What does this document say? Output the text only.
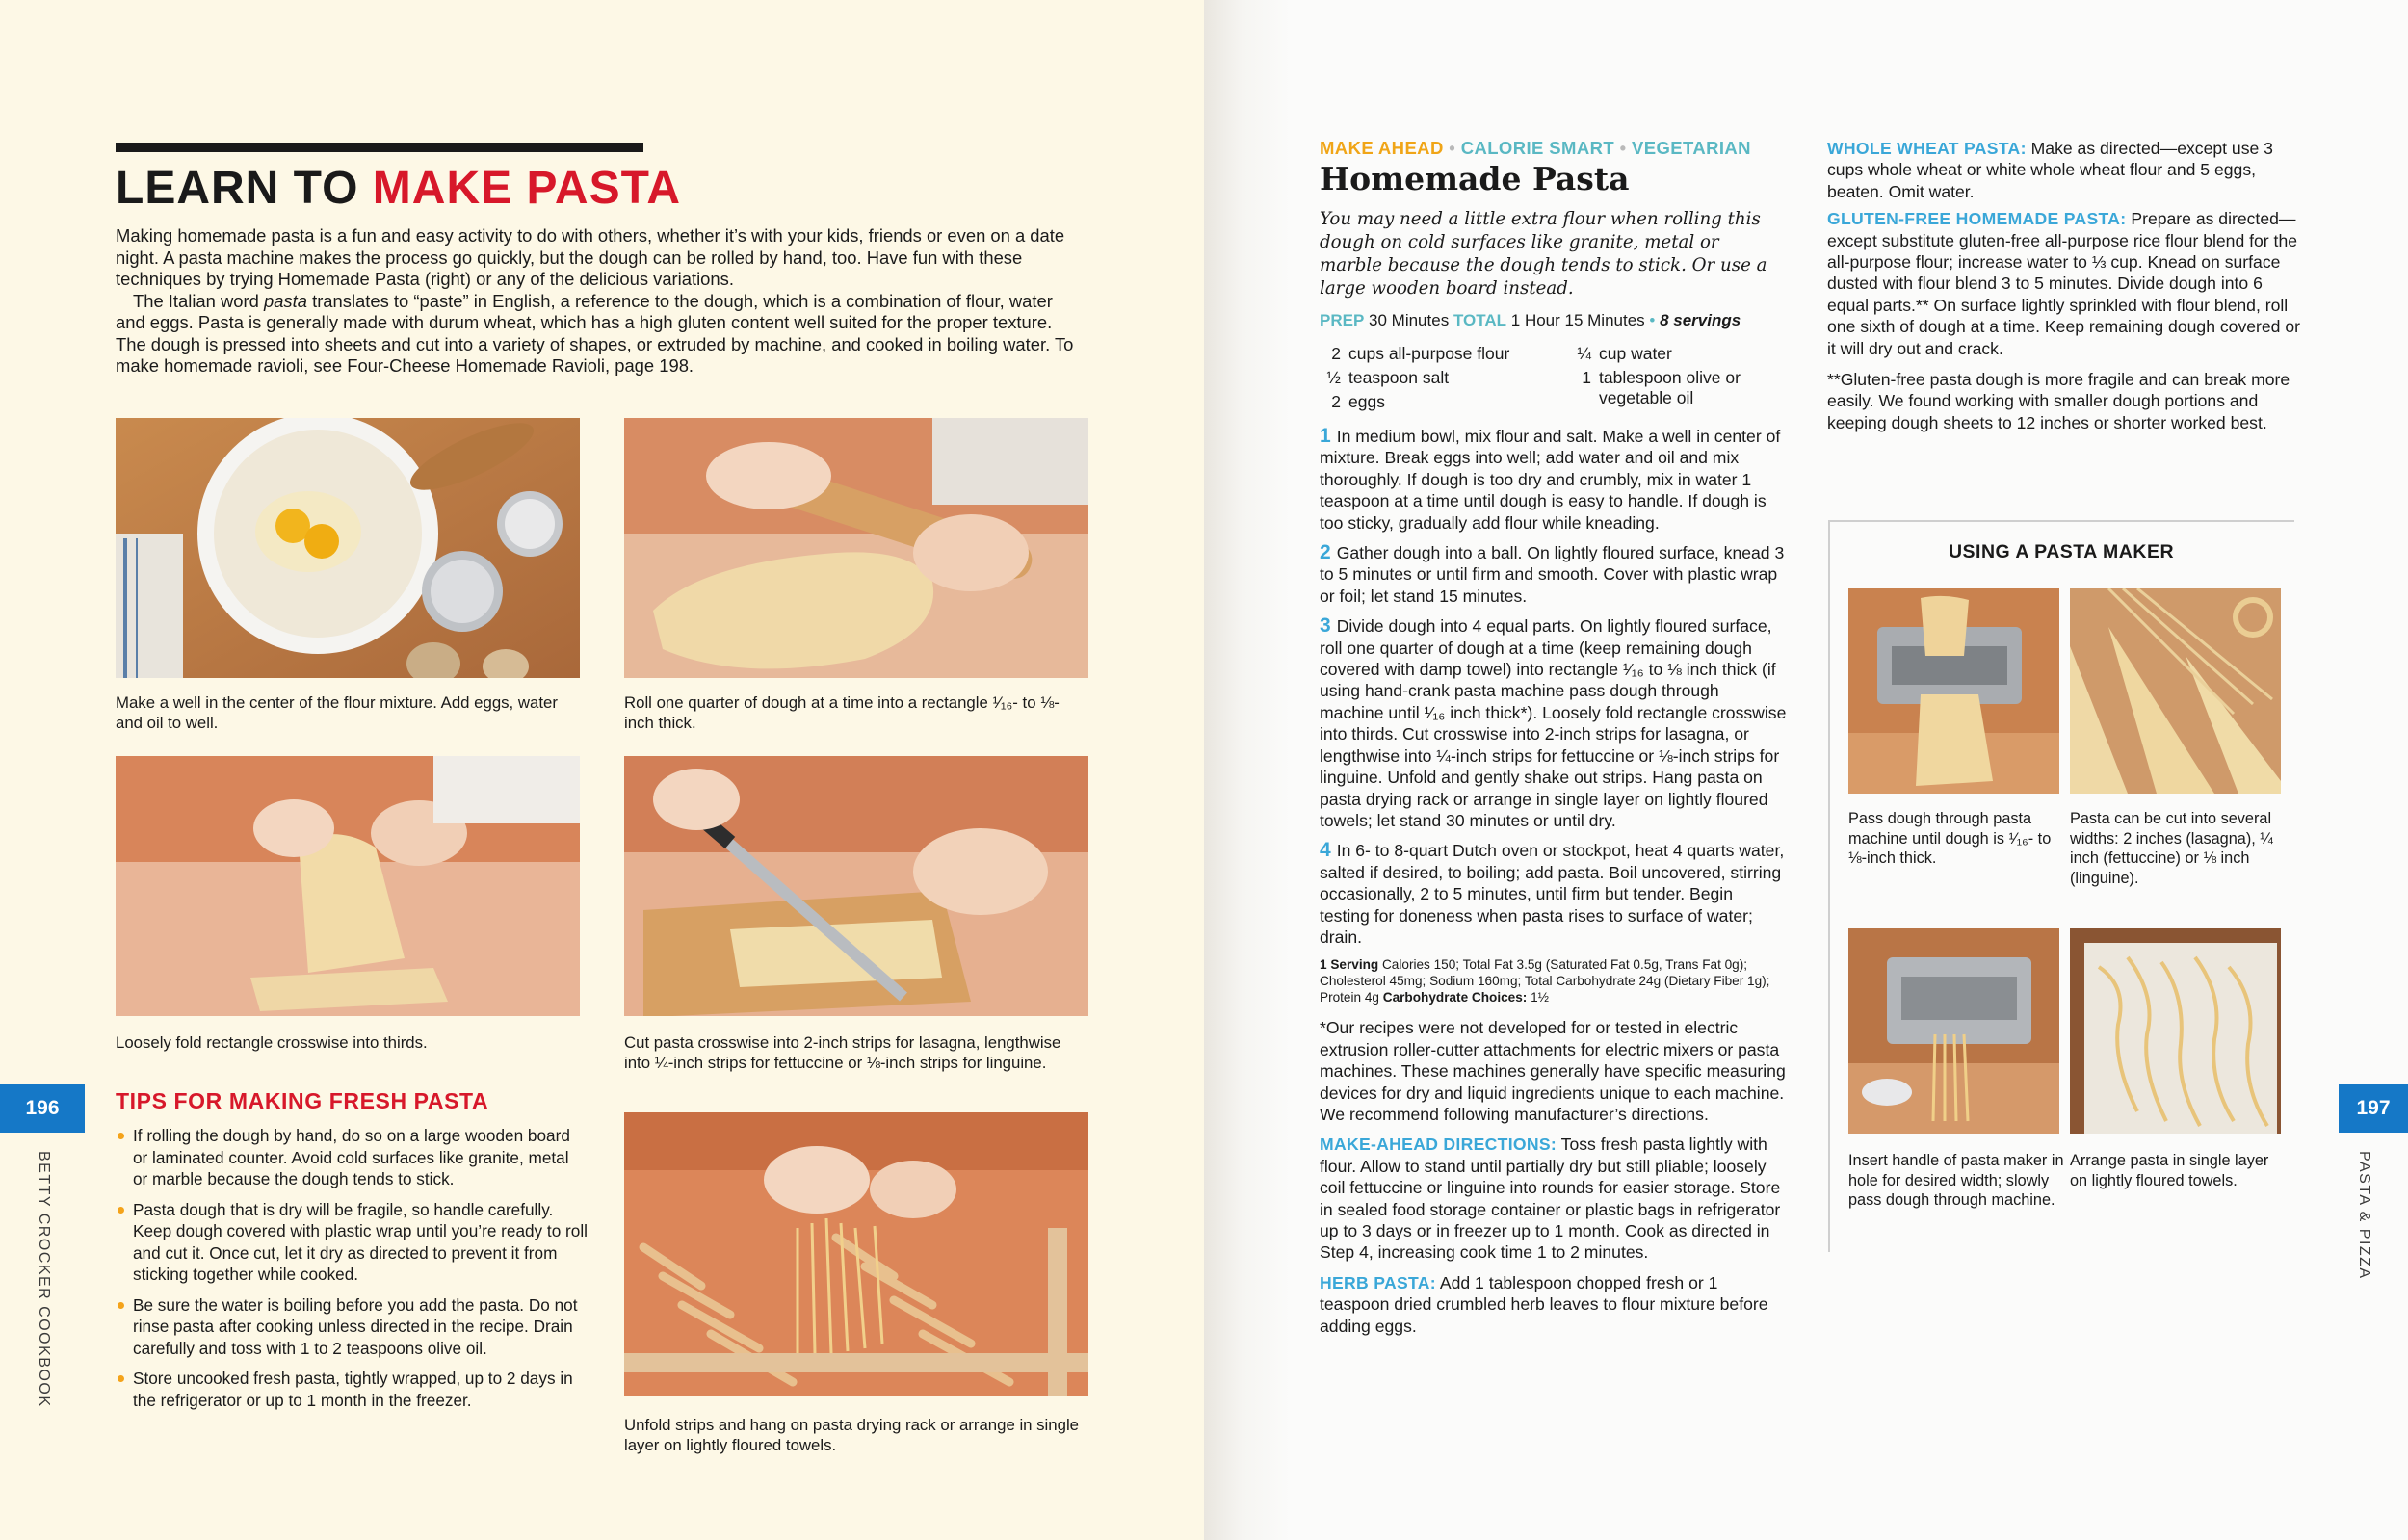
LEARN TO MAKE PASTA

Making homemade pasta is a fun and easy activity to do with others, whether it’s with your kids, friends or even on a date night. A pasta machine makes the process go quickly, but the dough can be rolled by hand, too. Have fun with these techniques by trying Homemade Pasta (right) or any of the delicious variations.

The Italian word pasta translates to “paste” in English, a reference to the dough, which is a combination of flour, water and eggs. Pasta is generally made with durum wheat, which has a high gluten content well suited for the proper texture. The dough is pressed into sheets and cut into a variety of shapes, or extruded by machine, and cooked in boiling water. To make homemade ravioli, see Four-Cheese Homemade Ravioli, page 198.

Make a well in the center of the flour mixture. Add eggs, water and oil to well.
Roll one quarter of dough at a time into a rectangle ¹⁄₁₆- to ⅛-inch thick.
Loosely fold rectangle crosswise into thirds.	Cut pasta crosswise into 2-inch strips for lasagna, lengthwise into ¼-inch strips for fettuccine or ⅛-inch strips for linguine.
Unfold strips and hang on pasta drying rack or arrange in single layer on lightly floured towels.
TIPS FOR MAKING FRESH PASTA
If rolling the dough by hand, do so on a large wooden board or laminated counter. Avoid cold surfaces like granite, metal or marble because the dough tends to stick.
Pasta dough that is dry will be fragile, so handle carefully. Keep dough covered with plastic wrap until you’re ready to roll and cut it. Once cut, let it dry as directed to prevent it from sticking together while cooked.
Be sure the water is boiling before you add the pasta. Do not rinse pasta after cooking unless directed in the recipe. Drain carefully and toss with 1 to 2 teaspoons olive oil.
Store uncooked fresh pasta, tightly wrapped, up to 2 days in the refrigerator or up to 1 month in the freezer.
196
BETTY CROCKER COOKBOOK
MAKE AHEAD • CALORIE SMART • VEGETARIAN
Homemade Pasta
You may need a little extra flour when rolling this dough on cold surfaces like granite, metal or marble because the dough tends to stick. Or use a large wooden board instead.
PREP 30 Minutes TOTAL 1 Hour 15 Minutes • 8 servings
2 cups all-purpose flour
½ teaspoon salt
2 eggs
¼ cup water
1 tablespoon olive or vegetable oil

1 In medium bowl, mix flour and salt. Make a well in center of mixture. Break eggs into well; add water and oil and mix thoroughly. If dough is too dry and crumbly, mix in water 1 teaspoon at a time until dough is easy to handle. If dough is too sticky, gradually add flour while kneading.

2 Gather dough into a ball. On lightly floured surface, knead 3 to 5 minutes or until firm and smooth. Cover with plastic wrap or foil; let stand 15 minutes.

3 Divide dough into 4 equal parts. On lightly floured surface, roll one quarter of dough at a time (keep remaining dough covered with damp towel) into rectangle ¹⁄₁₆ to ⅛ inch thick (if using hand-crank pasta machine pass dough through machine until ¹⁄₁₆ inch thick*). Loosely fold rectangle crosswise into thirds. Cut crosswise into 2-inch strips for lasagna, or lengthwise into ¼-inch strips for fettuccine or ⅛-inch strips for linguine. Unfold and gently shake out strips. Hang pasta on pasta drying rack or arrange in single layer on lightly floured towels; let stand 30 minutes or until dry.

4 In 6- to 8-quart Dutch oven or stockpot, heat 4 quarts water, salted if desired, to boiling; add pasta. Boil uncovered, stirring occasionally, 2 to 5 minutes, until firm but tender. Begin testing for doneness when pasta rises to surface of water; drain.

1 Serving Calories 150; Total Fat 3.5g (Saturated Fat 0.5g, Trans Fat 0g); Cholesterol 45mg; Sodium 160mg; Total Carbohydrate 24g (Dietary Fiber 1g); Protein 4g Carbohydrate Choices: 1½

*Our recipes were not developed for or tested in electric extrusion roller-cutter attachments for electric mixers or pasta machines. These machines generally have specific measuring devices for dry and liquid ingredients unique to each machine. We recommend following manufacturer’s directions.

MAKE-AHEAD DIRECTIONS: Toss fresh pasta lightly with flour. Allow to stand until partially dry but still pliable; loosely coil fettuccine or linguine into rounds for easier storage. Store in sealed food storage container or plastic bags in refrigerator up to 3 days or in freezer up to 1 month. Cook as directed in Step 4, increasing cook time 1 to 2 minutes.

HERB PASTA: Add 1 tablespoon chopped fresh or 1 teaspoon dried crumbled herb leaves to flour mixture before adding eggs.

WHOLE WHEAT PASTA: Make as directed—except use 3 cups whole wheat or white whole wheat flour and 5 eggs, beaten. Omit water.

GLUTEN-FREE HOMEMADE PASTA: Prepare as directed—except substitute gluten-free all-purpose rice flour blend for the all-purpose flour; increase water to ⅓ cup. Knead on surface dusted with flour blend 3 to 5 minutes. Divide dough into 6 equal parts.** On surface lightly sprinkled with flour blend, roll one sixth of dough at a time. Keep remaining dough covered or it will dry out and crack.

**Gluten-free pasta dough is more fragile and can break more easily. We found working with smaller dough portions and keeping dough sheets to 12 inches or shorter worked best.

USING A PASTA MAKER
Pass dough through pasta machine until dough is ¹⁄₁₆- to ⅛-inch thick.
Pasta can be cut into several widths: 2 inches (lasagna), ¼ inch (fettuccine) or ⅛ inch (linguine).
Insert handle of pasta maker in hole for desired width; slowly pass dough through machine.
Arrange pasta in single layer on lightly floured towels.
197
PASTA & PIZZA
